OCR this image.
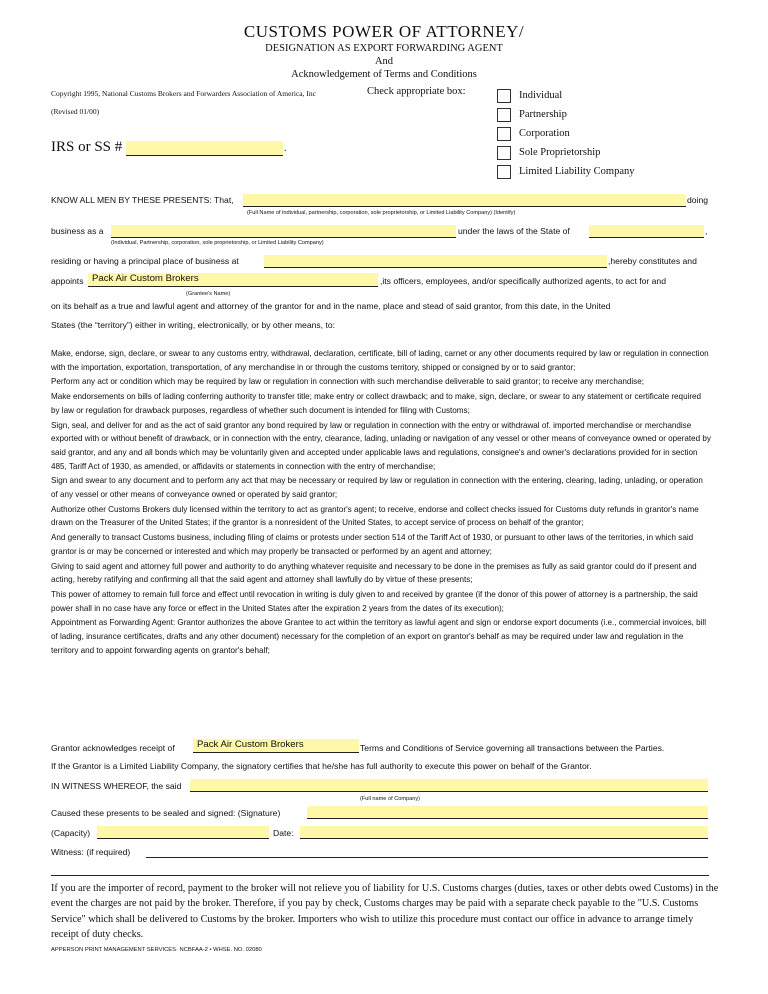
CUSTOMS POWER OF ATTORNEY/
DESIGNATION AS EXPORT FORWARDING AGENT
And
Acknowledgement of Terms and Conditions
Copyright 1995, National Customs Brokers and Forwarders Association of America, Inc
(Revised 01/00)
Check appropriate box:	Individual
Partnership
Corporation
Sole Proprietorship
Limited Liability Company
IRS or SS #	.
KNOW ALL MEN BY THESE PRESENTS: That,	doing
(Full Name of individual, partnership, corporation, sole proprietorship, or Limited Liability Company) (Identify)
business as a	under the laws of the State of	,
(Individual, Partnership, corporation, sole proprietorship, or Limited Liability Company)
residing or having a principal place of business at	,hereby constitutes and
appoints Pack Air Custom Brokers	,its officers, employees, and/or specifically authorized agents, to act for and
(Grantee's Name)
on its behalf as a true and lawful agent and attorney of the grantor for and in the name, place and stead of said grantor, from this date, in the United
States (the “territory”) either in writing, electronically, or by other means, to:

Make, endorse, sign, declare, or swear to any customs entry, withdrawal, declaration, certificate, bill of lading, carnet or any other documents required by law or regulation in connection with the importation, exportation, transportation, of any merchandise in or through the customs territory, shipped or consigned by or to said grantor;

Perform any act or condition which may be required by law or regulation in connection with such merchandise deliverable to said grantor; to receive any merchandise;

Make endorsements on bills of lading conferring authority to transfer title; make entry or collect drawback; and to make, sign, declare, or swear to any statement or certificate required by law or regulation for drawback purposes, regardless of whether such document is intended for filing with Customs;

Sign, seal, and deliver for and as the act of said grantor any bond required by law or regulation in connection with the entry or withdrawal of. imported merchandise or merchandise exported with or without benefit of drawback, or in connection with the entry, clearance, lading, unlading or navigation of any vessel or other means of conveyance owned or operated by said grantor, and any and all bonds which may be voluntarily given and accepted under applicable laws and regulations, consignee's and owner's declarations provided for in section 485, Tariff Act of 1930, as amended, or affidavits or statements in connection with the entry of merchandise;

Sign and swear to any document and to perform any act that may be necessary or required by law or regulation in connection with the entering, clearing, lading, unlading, or operation of any vessel or other means of conveyance owned or operated by said grantor;

Authorize other Customs Brokers duly licensed within the territory to act as grantor's agent; to receive, endorse and collect checks issued for Customs duty refunds in grantor's name drawn on the Treasurer of the United States; if the grantor is a nonresident of the United States, to accept service of process on behalf of the grantor;

And generally to transact Customs business, including filing of claims or protests under section 514 of the Tariff Act of 1930, or pursuant to other laws of the territories, in which said grantor is or may be concerned or interested and which may properly be transacted or performed by an agent and attorney;

Giving to said agent and attorney full power and authority to do anything whatever requisite and necessary to be done in the premises as fully as said grantor could do if present and acting, hereby ratifying and confirming all that the said agent and attorney shall lawfully do by virtue of these presents;

This power of attorney to remain full force and effect until revocation in writing is duly given to and received by grantee (if the donor of this power of attorney is a partnership, the said power shall in no case have any force or effect in the United States after the expiration 2 years from the dates of its execution);

Appointment as Forwarding Agent: Grantor authorizes the above Grantee to act within the territory as lawful agent and sign or endorse export documents (i.e., commercial invoices, bill of lading, insurance certificates, drafts and any other document) necessary for the completion of an export on grantor's behalf as may be required under law and regulation in the territory and to appoint forwarding agents on grantor's behalf;

Grantor acknowledges receipt of	Pack Air Custom Brokers	Terms and Conditions of Service governing all transactions between the Parties.
If the Grantor is a Limited Liability Company, the signatory certifies that he/she has full authority to execute this power on behalf of the Grantor.
IN WITNESS WHEREOF, the said
(Full name of Company)
Caused these presents to be sealed and signed: (Signature)
(Capacity)	Date:
Witness: (if required)
If you are the importer of record, payment to the broker will not relieve you of liability for U.S. Customs charges (duties, taxes or other debts owed Customs) in the event the charges are not paid by the broker. Therefore, if you pay by check, Customs charges may be paid with a separate check payable to the "U.S. Customs Service" which shall be delivered to Customs by the broker. Importers who wish to utilize this procedure must contact our office in advance to arrange timely receipt of duty checks.
APPERSON PRINT MANAGEMENT SERVICES· NCBFAA-2 • WHSE. NO. 02080
